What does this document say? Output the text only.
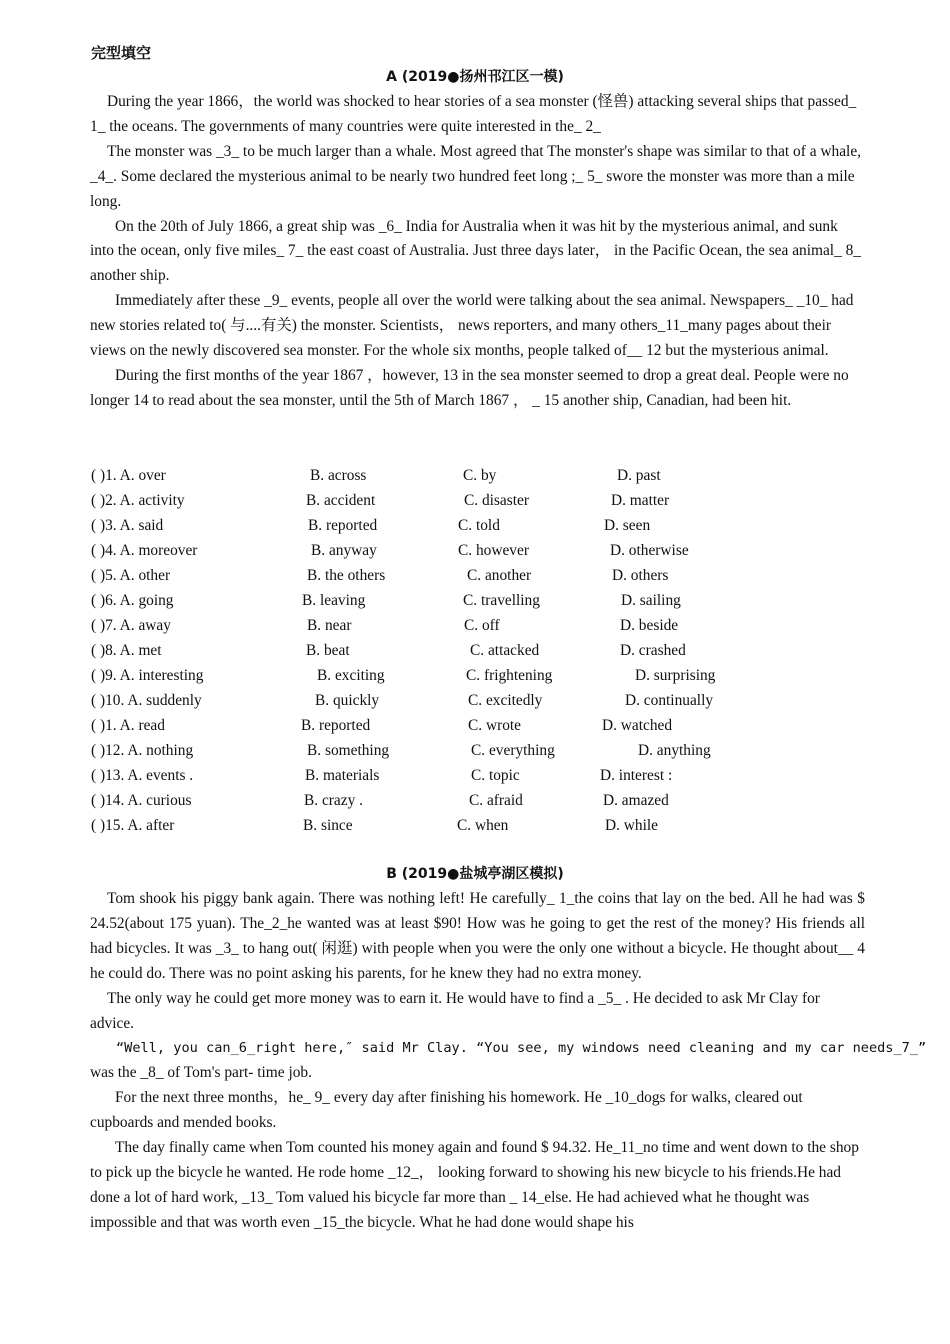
完型填空
A (2019●扬州邗江区一模)

During the year 1866，the world was shocked to hear stories of a sea monster (怪兽) attacking several ships that passed_ 1_ the oceans. The governments of many countries were quite interested in the_ 2_

The monster was _3_ to be much larger than a whale. Most agreed that The monster's shape was similar to that of a whale, _4_. Some declared the mysterious animal to be nearly two hundred feet long ;_ 5_ swore the monster was more than a mile long.

On the 20th of July 1866, a great ship was _6_ India for Australia when it was hit by the mysterious animal, and sunk into the ocean, only five miles_ 7_ the east coast of Australia. Just three days later， in the Pacific Ocean, the sea animal_ 8_ another ship.

Immediately after these _9_ events, people all over the world were talking about the sea animal. Newspapers_ _10_ had new stories related to( 与....有关) the monster. Scientists， news reporters, and many others_11_many pages about their views on the newly discovered sea monster. For the whole six months, people talked of__ 12 but the mysterious animal.

During the first months of the year 1867 ，however, 13 in the sea monster seemed to drop a great deal. People were no longer 14 to read about the sea monster, until the 5th of March 1867 ， _ 15 another ship, Canadian, had been hit.

( )1. A. over	B. across	C. by	D. past
( )2. A. activity	B. accident	C. disaster	D. matter
( )3. A. said	B. reported	C. told	D. seen
( )4. A. moreover	B. anyway	C. however	D. otherwise
( )5. A. other	B. the others	C. another	D. others
( )6. A. going	B. leaving	C. travelling	D. sailing
( )7. A. away	B. near	C. off	D. beside
( )8. A. met	B. beat	C. attacked	D. crashed
( )9. A. interesting	B. exciting	C. frightening	D. surprising
( )10. A. suddenly	B. quickly	C. excitedly	D. continually
( )1. A. read	B. reported	C. wrote	D. watched
( )12. A. nothing	B. something	C. everything	D. anything
( )13. A. events .	B. materials	C. topic	D. interest :
( )14. A. curious	B. crazy .	C. afraid	D. amazed
( )15. A. after	B. since	C. when	D. while
B (2019●盐城亭湖区模拟)

Tom shook his piggy bank again. There was nothing left! He carefully_ 1_the coins that lay on the bed. All he had was $ 24.52(about 175 yuan). The_2_he wanted was at least $90! How was he going to get the rest of the money? His friends all had bicycles. It was _3_ to hang out( 闲逛) with people when you were the only one without a bicycle. He thought about__ 4 he could do. There was no point asking his parents, for he knew they had no extra money.

The only way he could get more money was to earn it. He would have to find a _5_ . He decided to ask Mr Clay for advice.

“Well, you can_6_right here,″ said Mr Clay. “You see, my windows need cleaning and my car needs_7_”

was the _8_ of Tom's part- time job.

For the next three months，he_ 9_ every day after finishing his homework. He _10_dogs for walks, cleared out cupboards and mended books.

The day finally came when Tom counted his money again and found $ 94.32. He_11_no time and went down to the shop to pick up the bicycle he wanted. He rode home _12_， looking forward to showing his new bicycle to his friends.He had done a lot of hard work, _13_ Tom valued his bicycle far more than _ 14_else. He had achieved what he thought was impossible and that was worth even _15_the bicycle. What he had done would shape his
